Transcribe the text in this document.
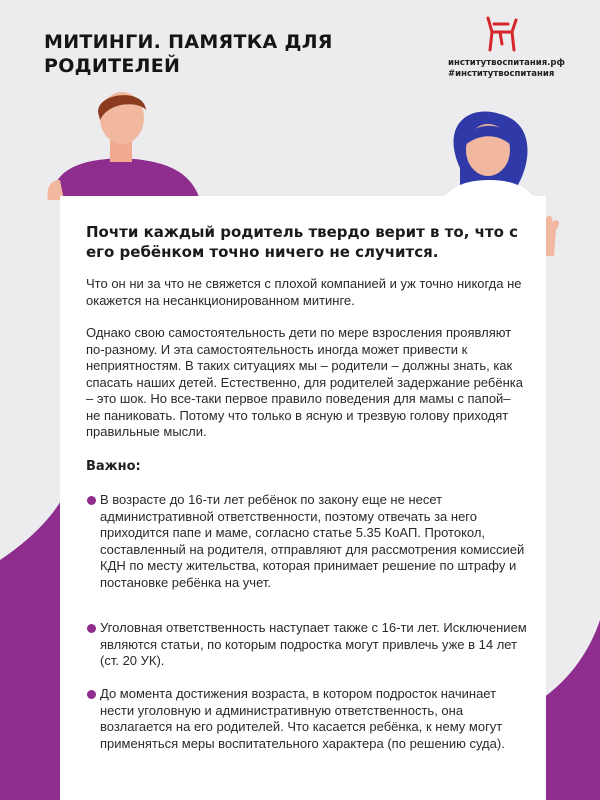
МИТИНГИ. ПАМЯТКА ДЛЯ РОДИТЕЛЕЙ	институтвоспитания.рф
#институтвоспитания
Почти каждый родитель твердо верит в то, что с его ребёнком точно ничего не случится.
Что он ни за что не свяжется с плохой компанией и уж точно никогда не окажется на несанкционированном митинге.
Однако свою самостоятельность дети по мере взросления проявляют по-разному. И эта самостоятельность иногда может привести к неприятностям. В таких ситуациях мы – родители – должны знать, как спасать наших детей. Естественно, для родителей задержание ребёнка – это шок. Но все-таки первое правило поведения для мамы с папой– не паниковать. Потому что только в ясную и трезвую голову приходят правильные мысли.
Важно:
В возрасте до 16-ти лет ребёнок по закону еще не несет административной ответственности, поэтому отвечать за него приходится папе и маме, согласно статье 5.35 КоАП. Протокол, составленный на родителя, отправляют для рассмотрения комиссией КДН по месту жительства, которая принимает решение по штрафу и постановке ребёнка на учет.
Уголовная ответственность наступает также с 16-ти лет. Исключением являются статьи, по которым подростка могут привлечь уже в 14 лет (ст. 20 УК).
До момента достижения возраста, в котором подросток начинает нести уголовную и административную ответственность, она возлагается на его родителей. Что касается ребёнка, к нему могут применяться меры воспитательного характера (по решению суда).
